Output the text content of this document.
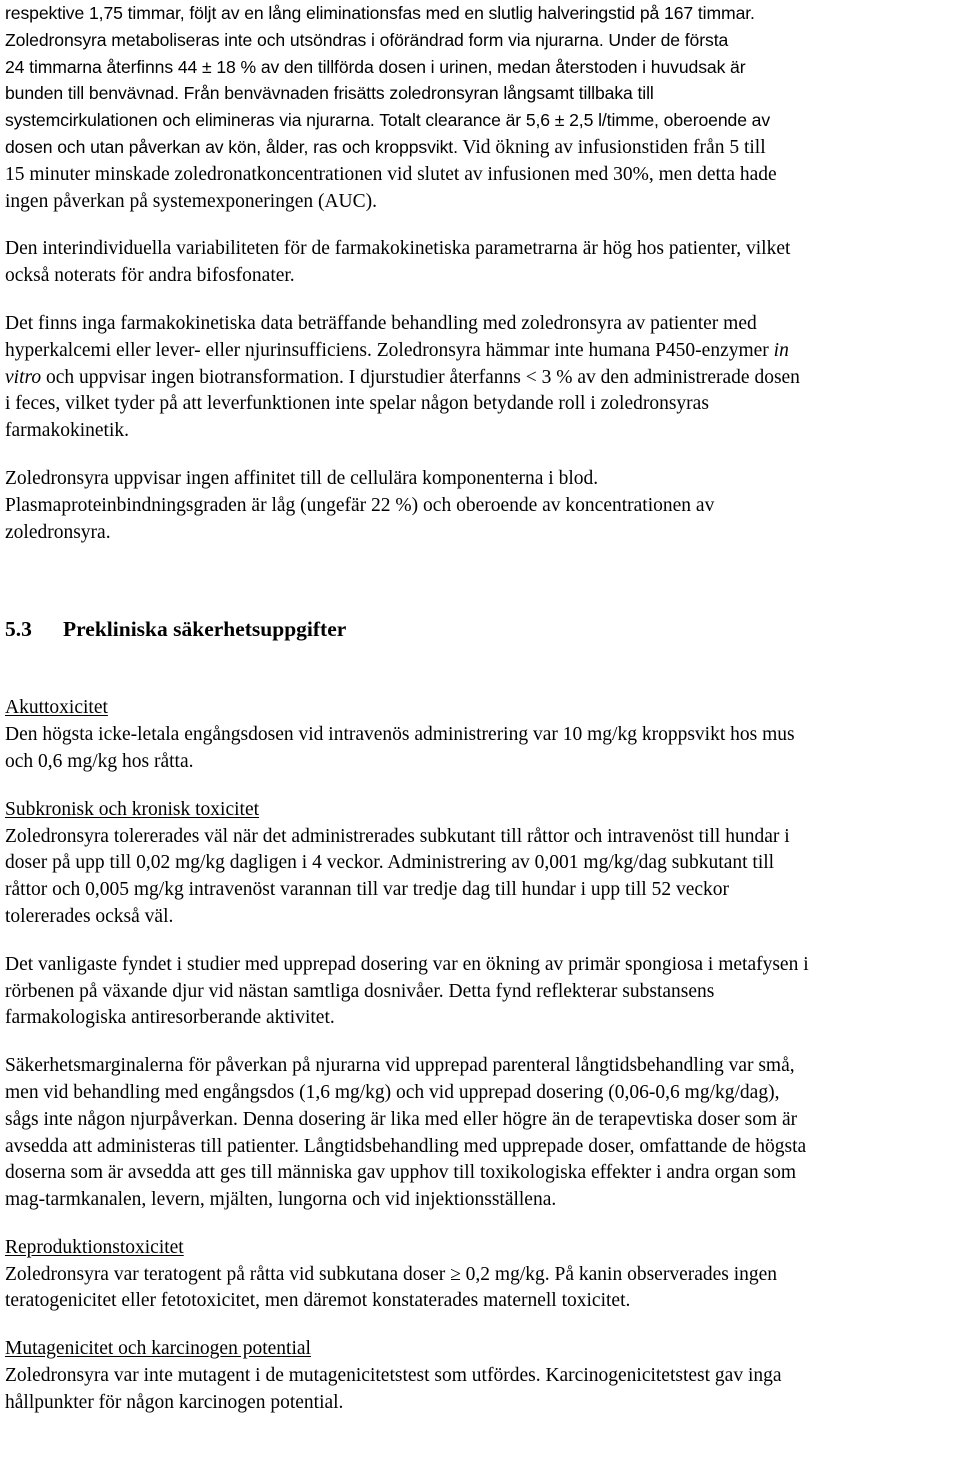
respektive 1,75 timmar, följt av en lång eliminationsfas med en slutlig halveringstid på 167 timmar.
Zoledronsyra metaboliseras inte och utsöndras i oförändrad form via njurarna. Under de första
24 timmarna återfinns 44 ± 18 % av den tillförda dosen i urinen, medan återstoden i huvudsak är
bunden till benvävnad. Från benvävnaden frisätts zoledronsyran långsamt tillbaka till
systemcirkulationen och elimineras via njurarna. Totalt clearance är 5,6 ± 2,5 l/timme, oberoende av
dosen och utan påverkan av kön, ålder, ras och kroppsvikt. Vid ökning av infusionstiden från 5 till
15 minuter minskade zoledronatkoncentrationen vid slutet av infusionen med 30%, men detta hade
ingen påverkan på systemexponeringen (AUC).
Den interindividuella variabiliteten för de farmakokinetiska parametrarna är hög hos patienter, vilket
också noterats för andra bifosfonater.
Det finns inga farmakokinetiska data beträffande behandling med zoledronsyra av patienter med
hyperkalcemi eller lever- eller njurinsufficiens. Zoledronsyra hämmar inte humana P450-enzymer in
vitro och uppvisar ingen biotransformation. I djurstudier återfanns < 3 % av den administrerade dosen
i feces, vilket tyder på att leverfunktionen inte spelar någon betydande roll i zoledronsyras
farmakokinetik.
Zoledronsyra uppvisar ingen affinitet till de cellulära komponenterna i blod.
Plasmaproteinbindningsgraden är låg (ungefär 22 %) och oberoende av koncentrationen av
zoledronsyra.
5.3	Prekliniska säkerhetsuppgifter
Akuttoxicitet
Den högsta icke-letala engångsdosen vid intravenös administrering var 10 mg/kg kroppsvikt hos mus
och 0,6 mg/kg hos råtta.
Subkronisk och kronisk toxicitet
Zoledronsyra tolererades väl när det administrerades subkutant till råttor och intravenöst till hundar i
doser på upp till 0,02 mg/kg dagligen i 4 veckor. Administrering av 0,001 mg/kg/dag subkutant till
råttor och 0,005 mg/kg intravenöst varannan till var tredje dag till hundar i upp till 52 veckor
tolererades också väl.
Det vanligaste fyndet i studier med upprepad dosering var en ökning av primär spongiosa i metafysen i
rörbenen på växande djur vid nästan samtliga dosnivåer. Detta fynd reflekterar substansens
farmakologiska antiresorberande aktivitet.
Säkerhetsmarginalerna för påverkan på njurarna vid upprepad parenteral långtidsbehandling var små,
men vid behandling med engångsdos (1,6 mg/kg) och vid upprepad dosering (0,06-0,6 mg/kg/dag),
sågs inte någon njurpåverkan. Denna dosering är lika med eller högre än de terapevtiska doser som är
avsedda att administeras till patienter. Långtidsbehandling med upprepade doser, omfattande de högsta
doserna som är avsedda att ges till människa gav upphov till toxikologiska effekter i andra organ som
mag-tarmkanalen, levern, mjälten, lungorna och vid injektionsställena.
Reproduktionstoxicitet
Zoledronsyra var teratogent på råtta vid subkutana doser ≥ 0,2 mg/kg. På kanin observerades ingen
teratogenicitet eller fetotoxicitet, men däremot konstaterades maternell toxicitet.
Mutagenicitet och karcinogen potential
Zoledronsyra var inte mutagent i de mutagenicitetstest som utfördes. Karcinogenicitetstest gav inga
hållpunkter för någon karcinogen potential.
